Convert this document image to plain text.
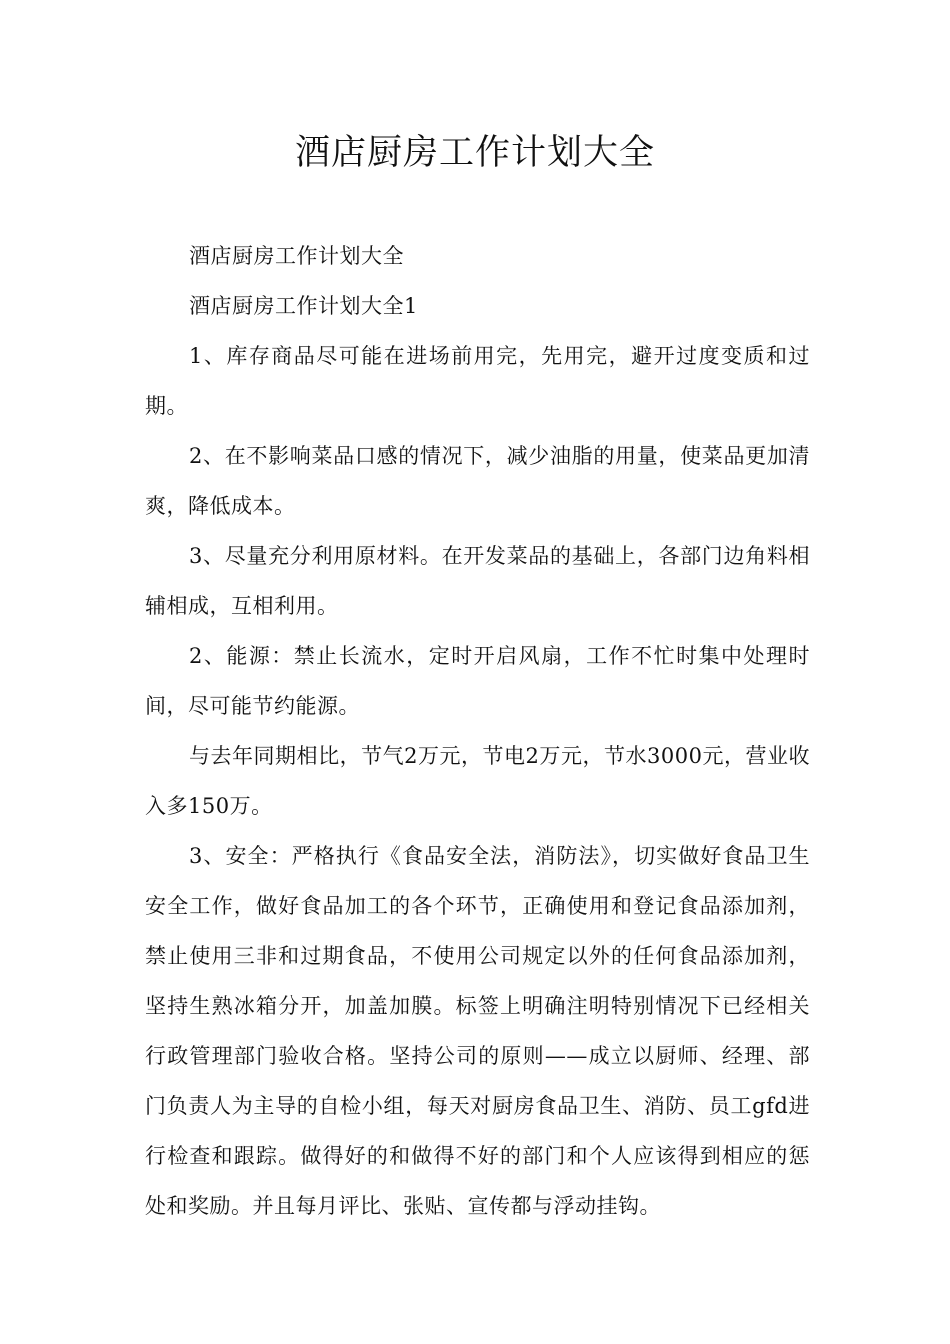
酒店厨房工作计划大全

酒店厨房工作计划大全

酒店厨房工作计划大全1

1、库存商品尽可能在进场前用完，先用完，避开过度变质和过期。

2、在不影响菜品口感的情况下，减少油脂的用量，使菜品更加清爽，降低成本。

3、尽量充分利用原材料。在开发菜品的基础上，各部门边角料相辅相成，互相利用。

2、能源：禁止长流水，定时开启风扇，工作不忙时集中处理时间，尽可能节约能源。

与去年同期相比，节气2万元，节电2万元，节水3000元，营业收入多150万。

3、安全：严格执行《食品安全法，消防法》，切实做好食品卫生安全工作，做好食品加工的各个环节，正确使用和登记食品添加剂，禁止使用三非和过期食品，不使用公司规定以外的任何食品添加剂，坚持生熟冰箱分开，加盖加膜。标签上明确注明特别情况下已经相关行政管理部门验收合格。坚持公司的原则——成立以厨师、经理、部门负责人为主导的自检小组，每天对厨房食品卫生、消防、员工gfd进行检查和跟踪。做得好的和做得不好的部门和个人应该得到相应的惩处和奖励。并且每月评比、张贴、宣传都与浮动挂钩。
